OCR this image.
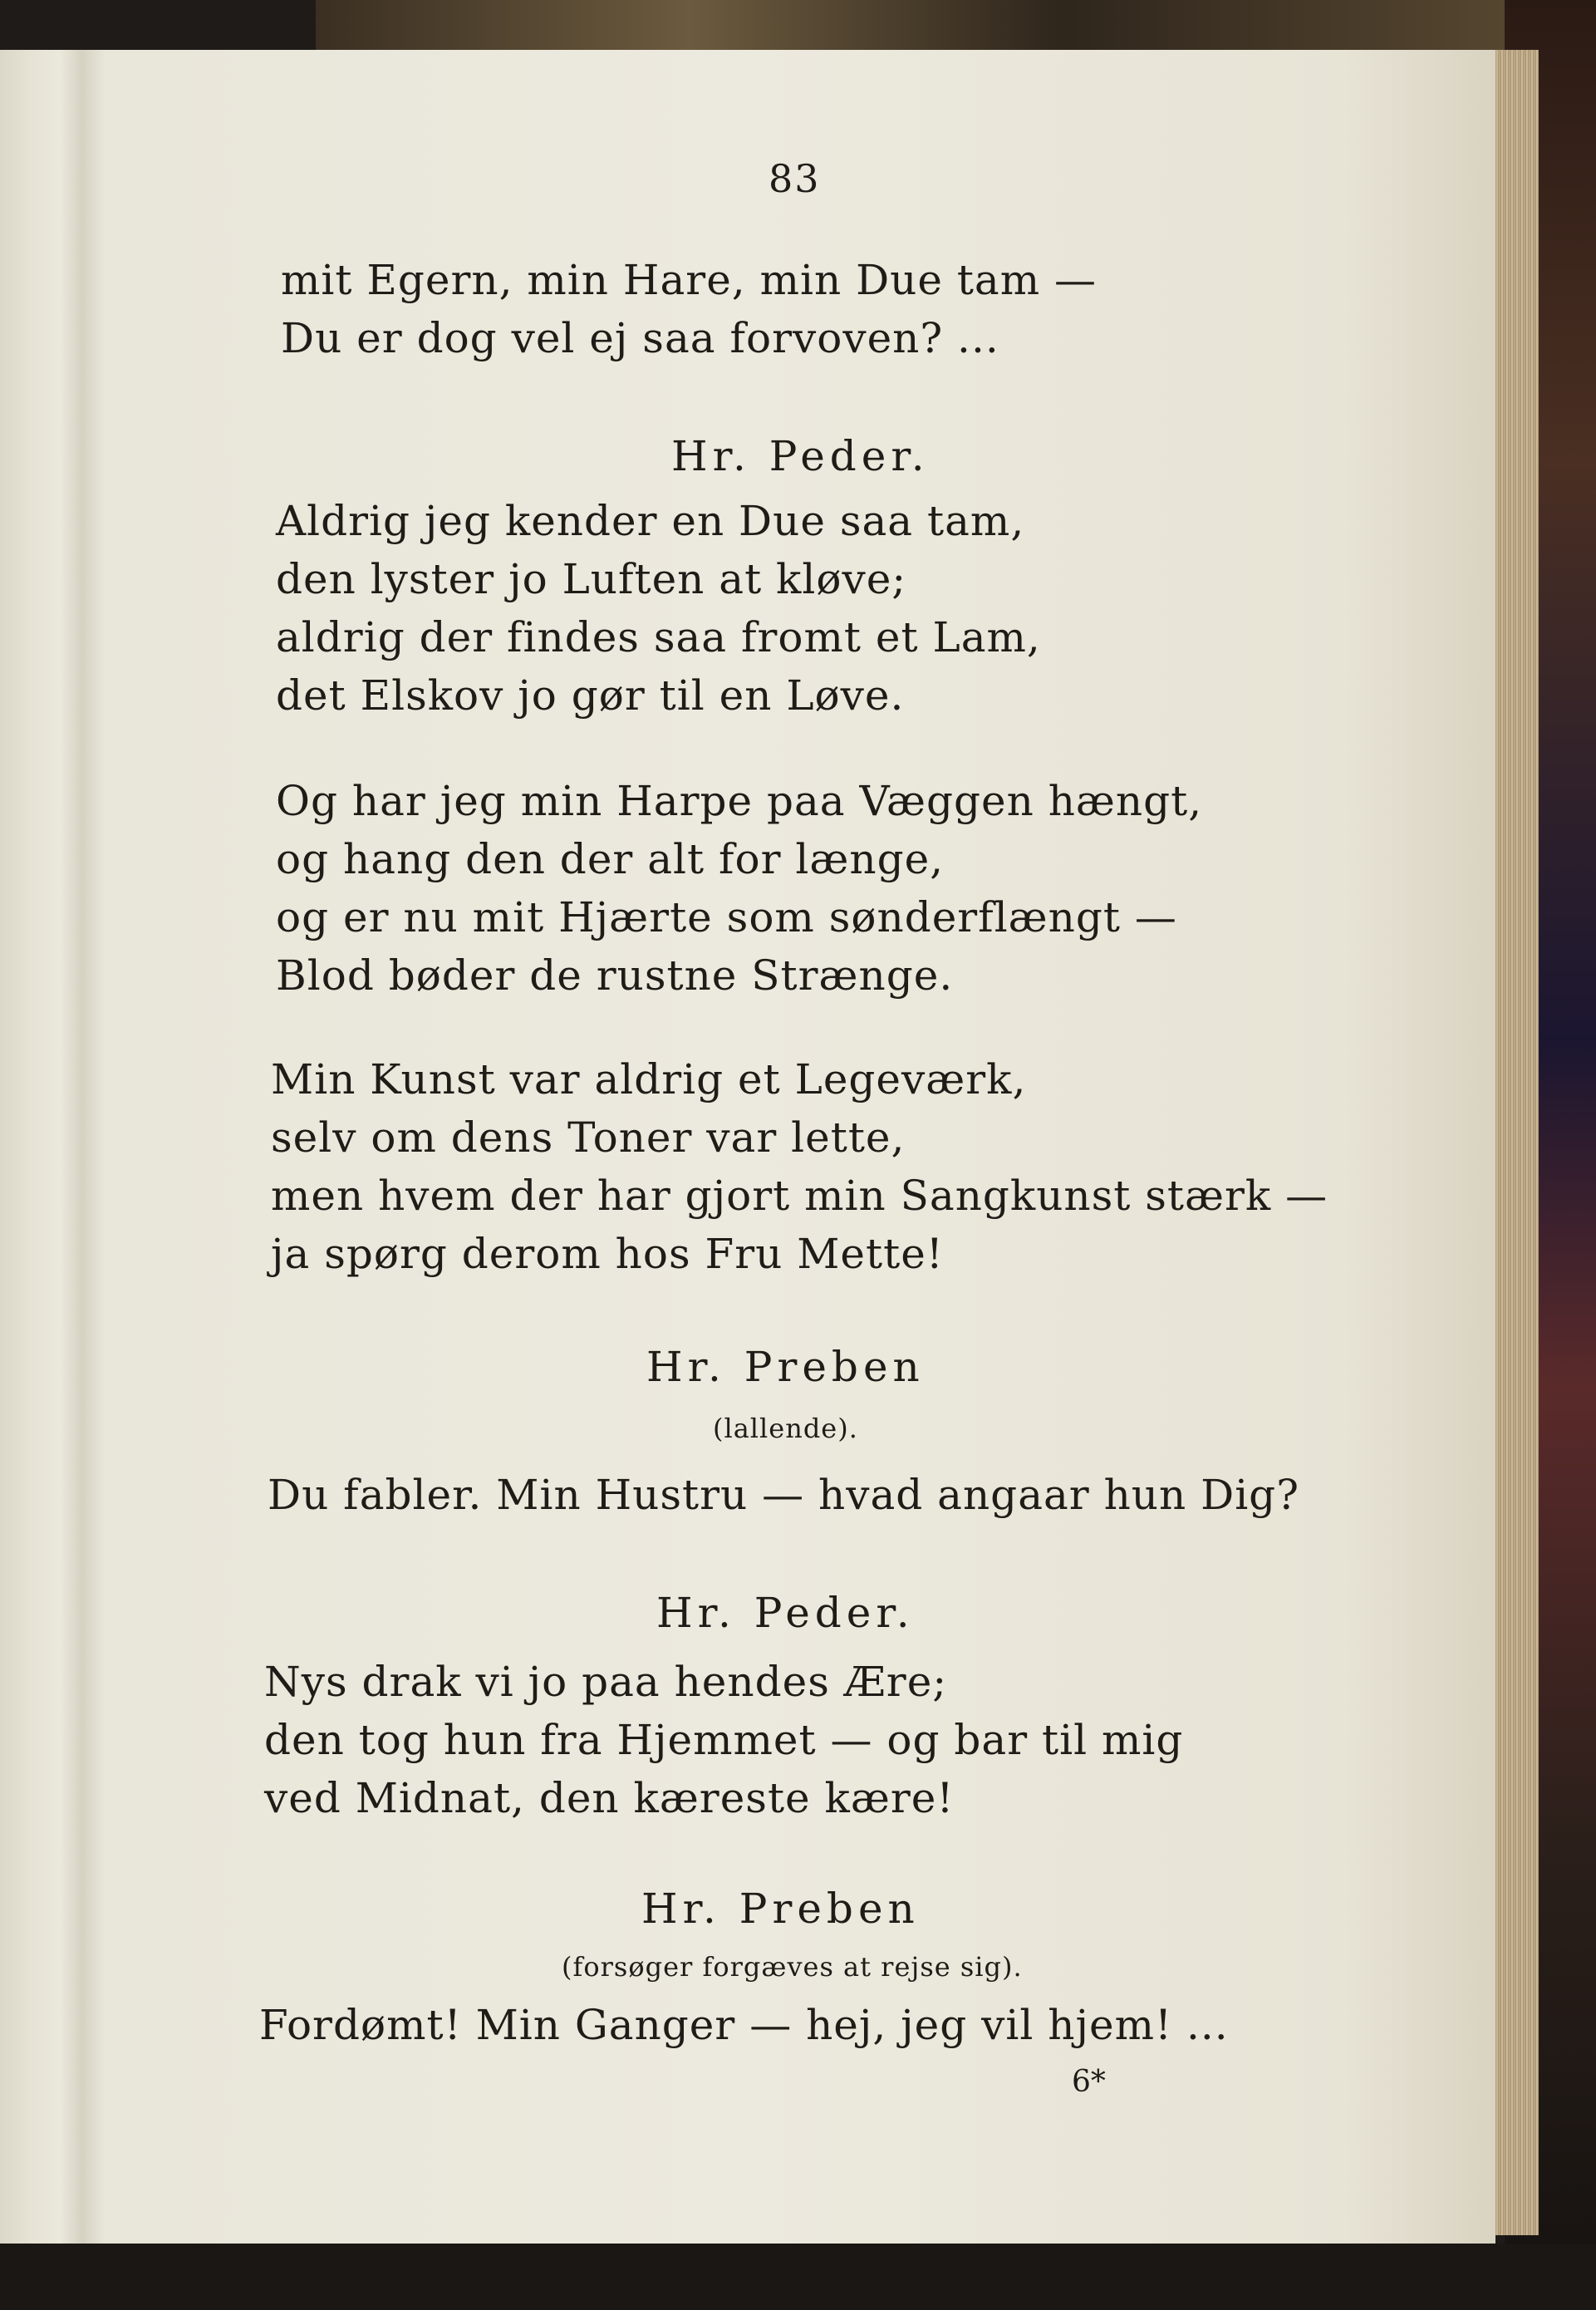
83
mit Egern, min Hare, min Due tam —
Du er dog vel ej saa forvoven? ...
Hr. Peder.
Aldrig jeg kender en Due saa tam,
den lyster jo Luften at kløve;
aldrig der findes saa fromt et Lam,
det Elskov jo gør til en Løve.
Og har jeg min Harpe paa Væggen hængt,
og hang den der alt for længe,
og er nu mit Hjærte som sønderflængt —
Blod bøder de rustne Strænge.
Min Kunst var aldrig et Legeværk,
selv om dens Toner var lette,
men hvem der har gjort min Sangkunst stærk —
ja spørg derom hos Fru Mette!
Hr. Preben
(lallende).
Du fabler. Min Hustru — hvad angaar hun Dig?
Hr. Peder.
Nys drak vi jo paa hendes Ære;
den tog hun fra Hjemmet — og bar til mig
ved Midnat, den kæreste kære!
Hr. Preben
(forsøger forgæves at rejse sig).
Fordømt! Min Ganger — hej, jeg vil hjem! ...
6*
